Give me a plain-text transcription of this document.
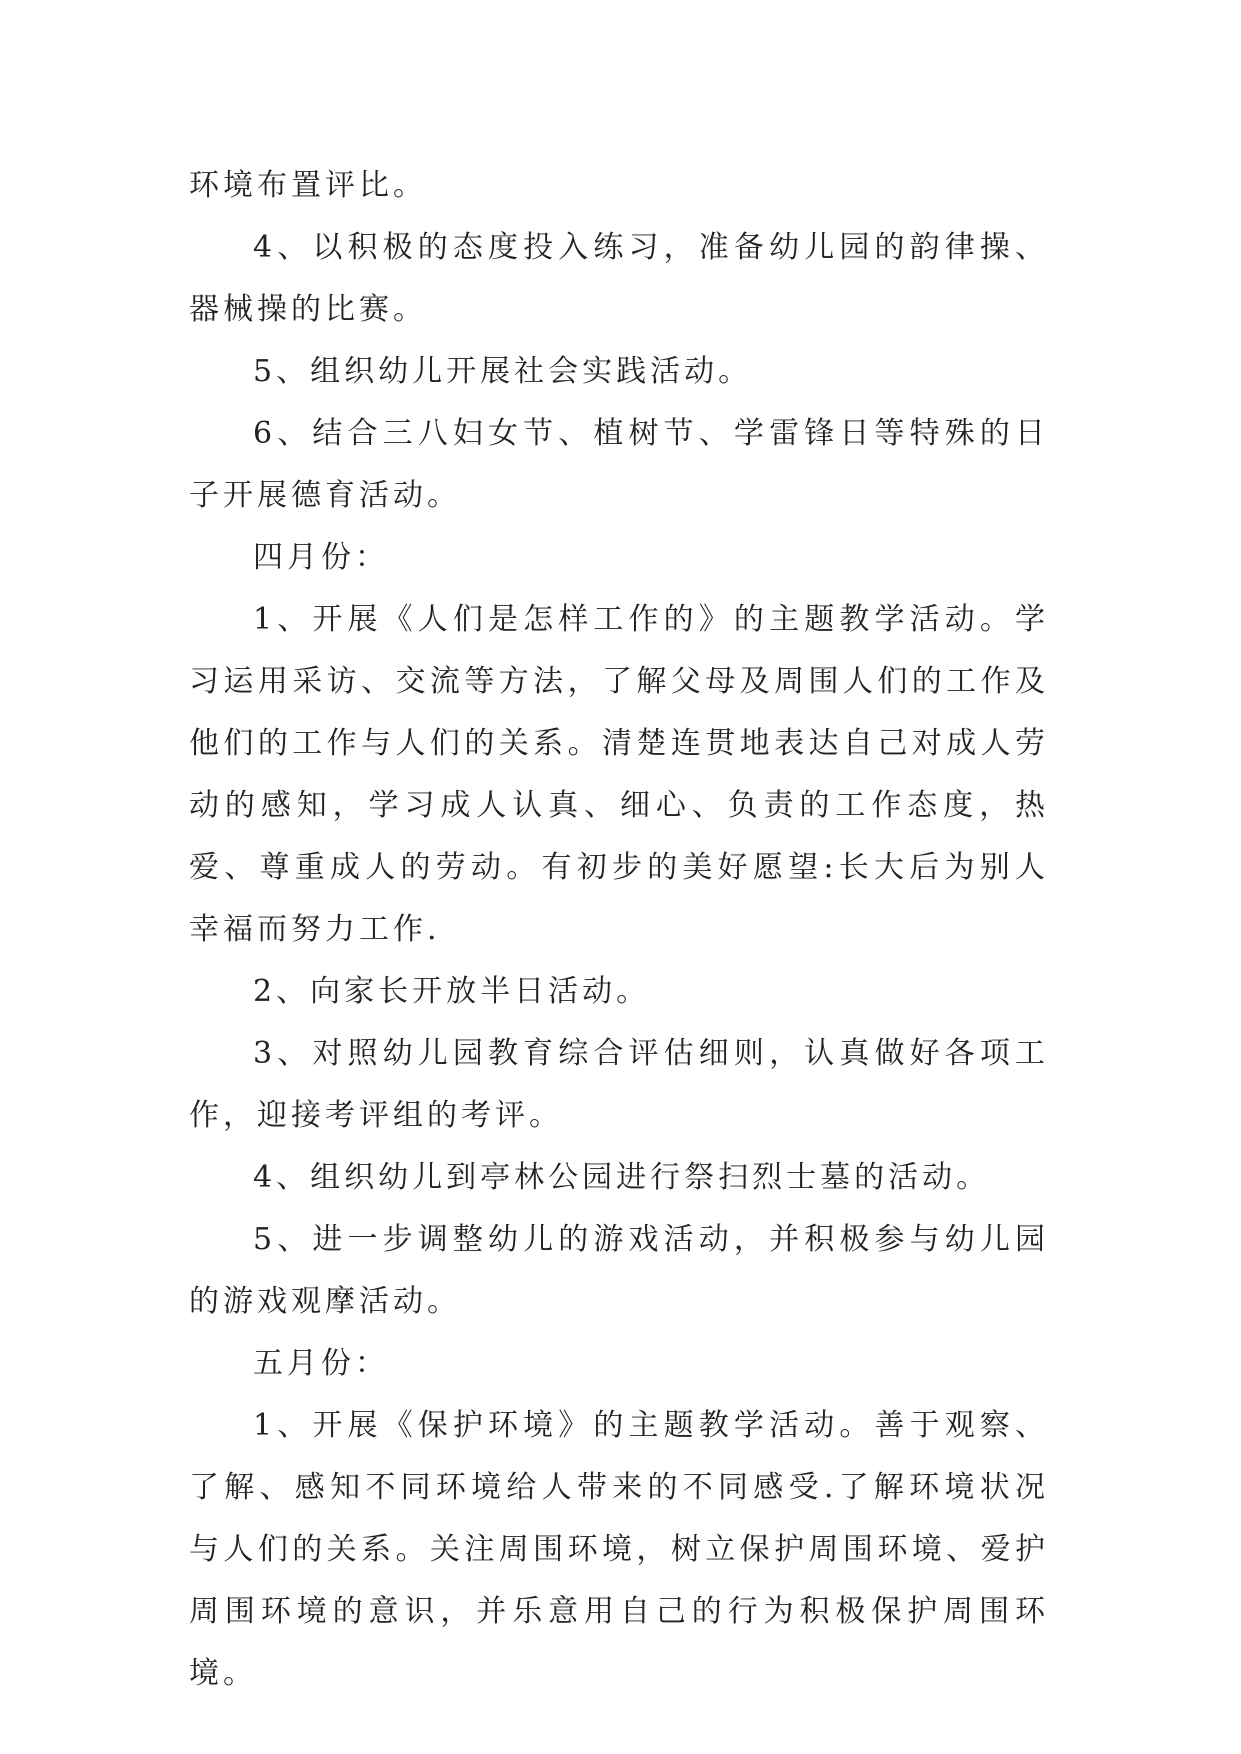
环境布置评比。

4、以积极的态度投入练习，准备幼儿园的韵律操、器械操的比赛。

5、组织幼儿开展社会实践活动。

6、结合三八妇女节、植树节、学雷锋日等特殊的日子开展德育活动。

四月份：

1、开展《人们是怎样工作的》的主题教学活动。学习运用采访、交流等方法，了解父母及周围人们的工作及他们的工作与人们的关系。清楚连贯地表达自己对成人劳动的感知，学习成人认真、细心、负责的工作态度，热爱、尊重成人的劳动。有初步的美好愿望:长大后为别人幸福而努力工作.

2、向家长开放半日活动。

3、对照幼儿园教育综合评估细则，认真做好各项工作，迎接考评组的考评。

4、组织幼儿到亭林公园进行祭扫烈士墓的活动。

5、进一步调整幼儿的游戏活动，并积极参与幼儿园的游戏观摩活动。

五月份：

1、开展《保护环境》的主题教学活动。善于观察、了解、感知不同环境给人带来的不同感受.了解环境状况与人们的关系。关注周围环境，树立保护周围环境、爱护周围环境的意识，并乐意用自己的行为积极保护周围环境。
